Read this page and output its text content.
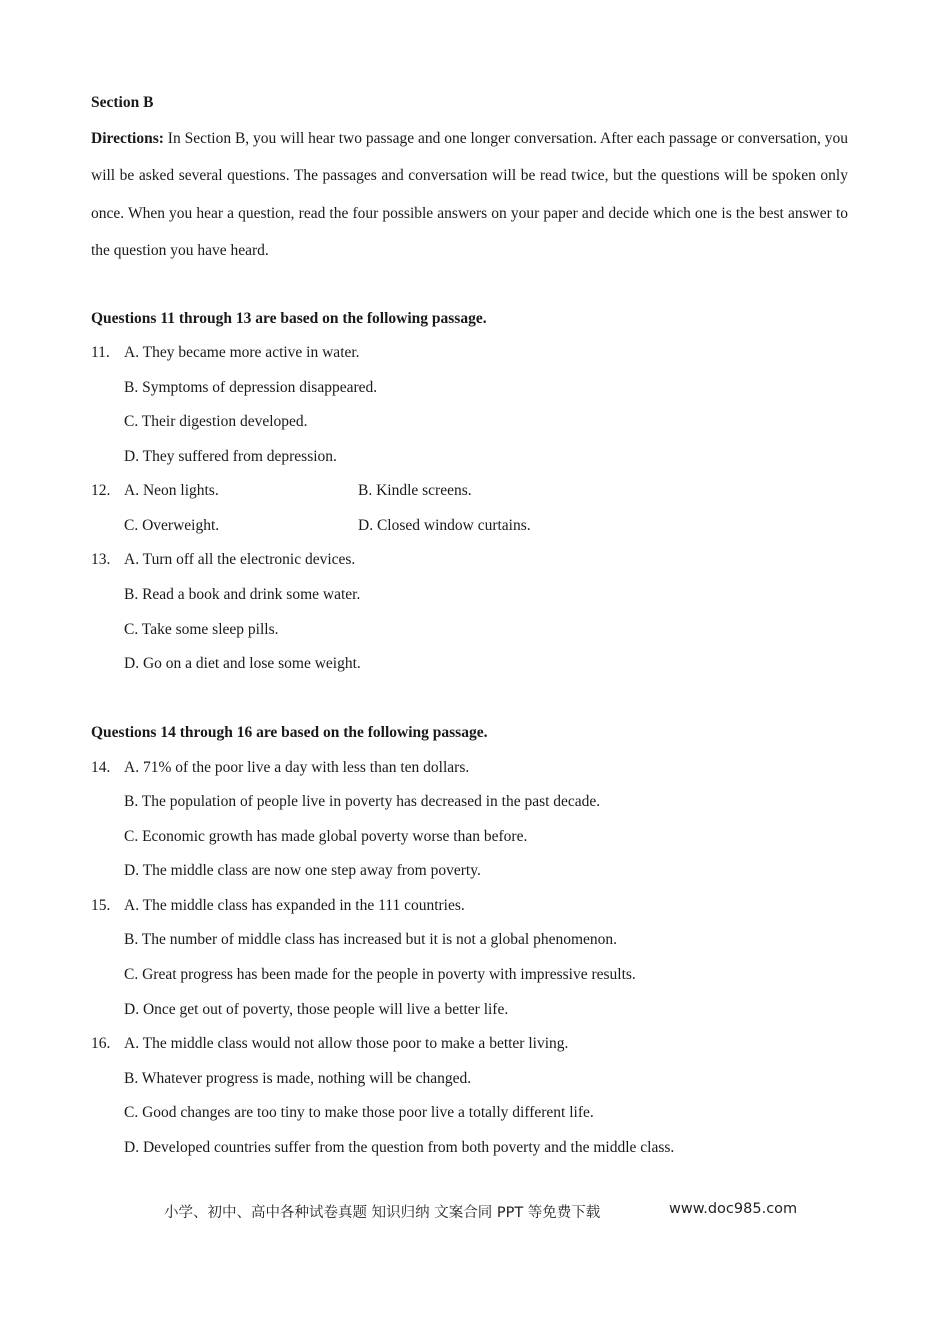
Section B
Directions: In Section B, you will hear two passage and one longer conversation. After each passage or conversation, you will be asked several questions. The passages and conversation will be read twice, but the questions will be spoken only once. When you hear a question, read the four possible answers on your paper and decide which one is the best answer to the question you have heard.
Questions 11 through 13 are based on the following passage.
11. A. They became more active in water.
B. Symptoms of depression disappeared.
C. Their digestion developed.
D. They suffered from depression.
12. A. Neon lights.	B. Kindle screens.
C. Overweight.	D. Closed window curtains.
13. A. Turn off all the electronic devices.
B. Read a book and drink some water.
C. Take some sleep pills.
D. Go on a diet and lose some weight.
Questions 14 through 16 are based on the following passage.
14. A. 71% of the poor live a day with less than ten dollars.
B. The population of people live in poverty has decreased in the past decade.
C. Economic growth has made global poverty worse than before.
D. The middle class are now one step away from poverty.
15. A. The middle class has expanded in the 111 countries.
B. The number of middle class has increased but it is not a global phenomenon.
C. Great progress has been made for the people in poverty with impressive results.
D. Once get out of poverty, those people will live a better life.
16. A. The middle class would not allow those poor to make a better living.
B. Whatever progress is made, nothing will be changed.
C. Good changes are too tiny to make those poor live a totally different life.
D. Developed countries suffer from the question from both poverty and the middle class.
小学、初中、高中各种试卷真题 知识归纳 文案合同 PPT 等免费下载	www.doc985.com
